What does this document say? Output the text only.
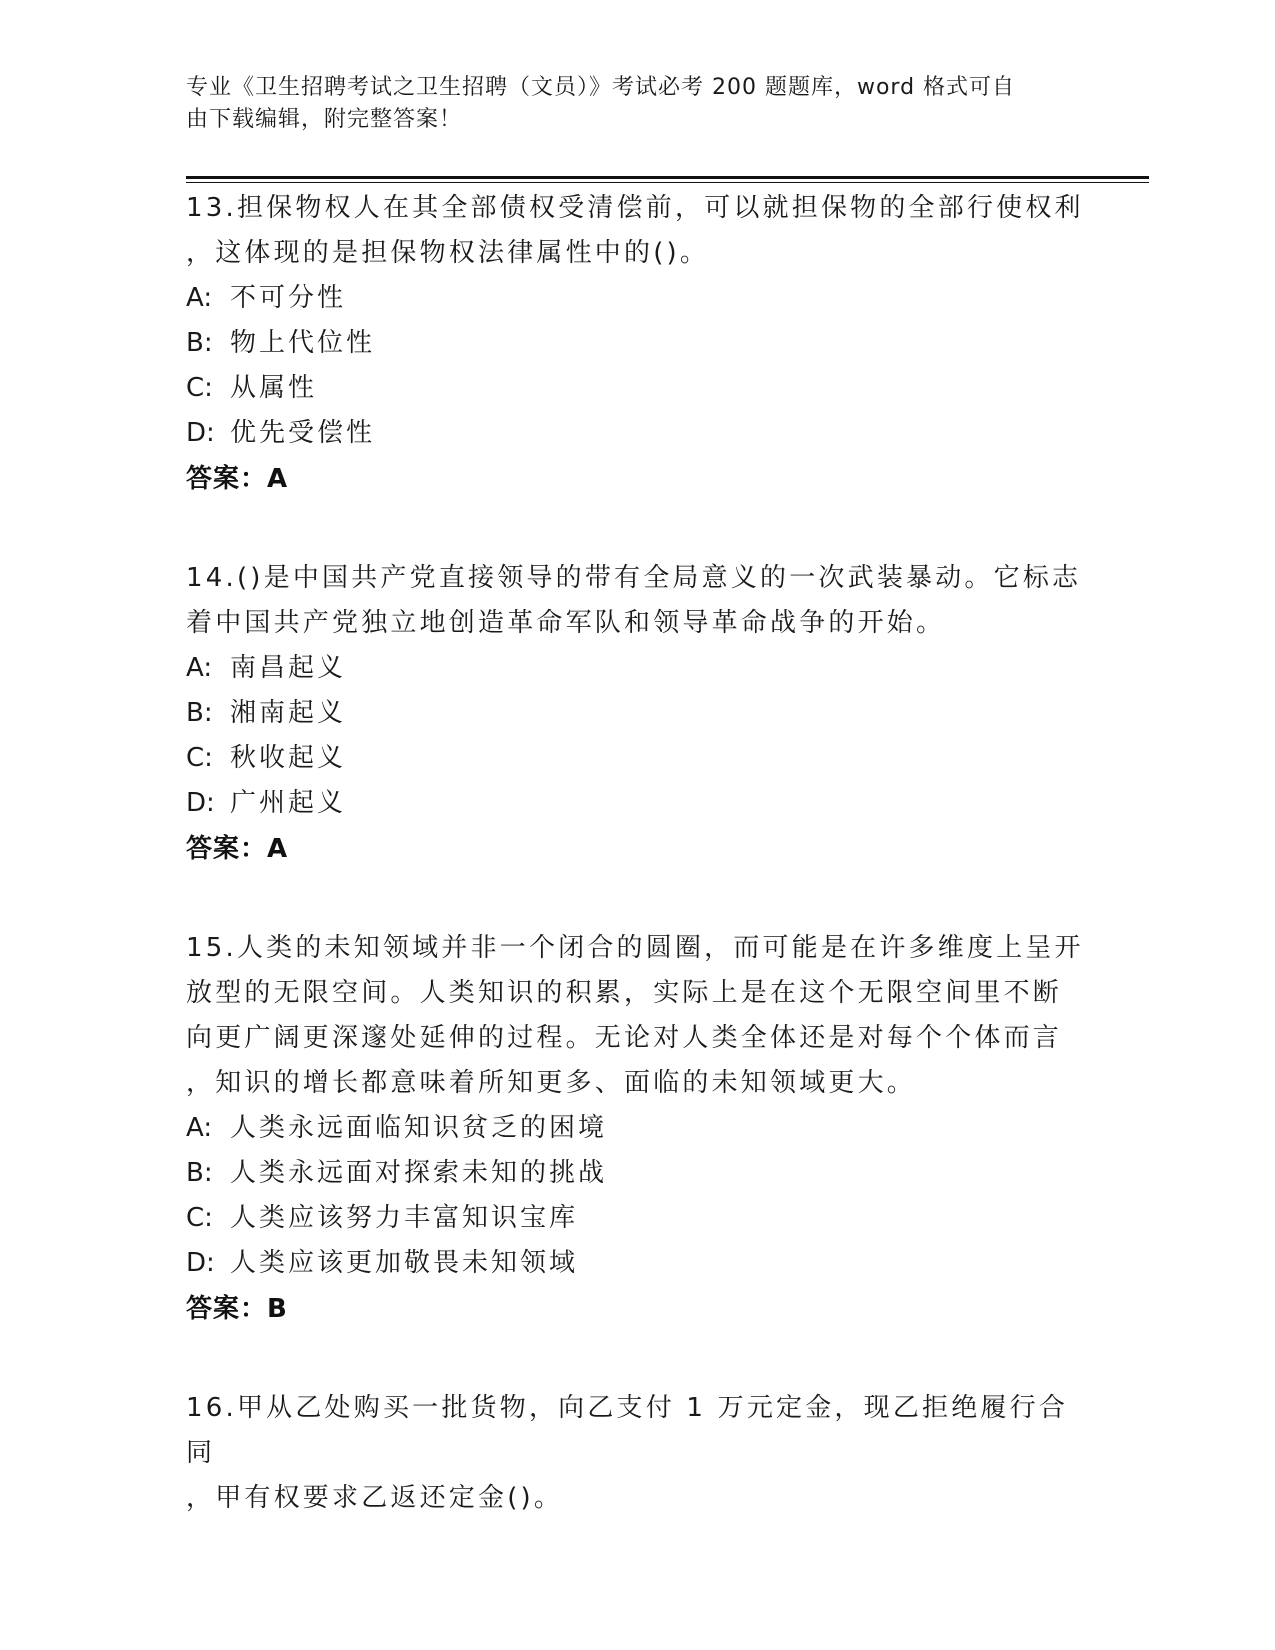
专业《卫生招聘考试之卫生招聘（文员）》考试必考 200 题题库，word 格式可自
由下载编辑，附完整答案！
13.担保物权人在其全部债权受清偿前，可以就担保物的全部行使权利
，这体现的是担保物权法律属性中的()。
A: 不可分性
B: 物上代位性
C: 从属性
D: 优先受偿性
答案：A
14.()是中国共产党直接领导的带有全局意义的一次武装暴动。它标志
着中国共产党独立地创造革命军队和领导革命战争的开始。
A: 南昌起义
B: 湘南起义
C: 秋收起义
D: 广州起义
答案：A
15.人类的未知领域并非一个闭合的圆圈，而可能是在许多维度上呈开
放型的无限空间。人类知识的积累，实际上是在这个无限空间里不断
向更广阔更深邃处延伸的过程。无论对人类全体还是对每个个体而言
，知识的增长都意味着所知更多、面临的未知领域更大。
A: 人类永远面临知识贫乏的困境
B: 人类永远面对探索未知的挑战
C: 人类应该努力丰富知识宝库
D: 人类应该更加敬畏未知领域
答案：B
16.甲从乙处购买一批货物，向乙支付 1 万元定金，现乙拒绝履行合同
，甲有权要求乙返还定金()。
